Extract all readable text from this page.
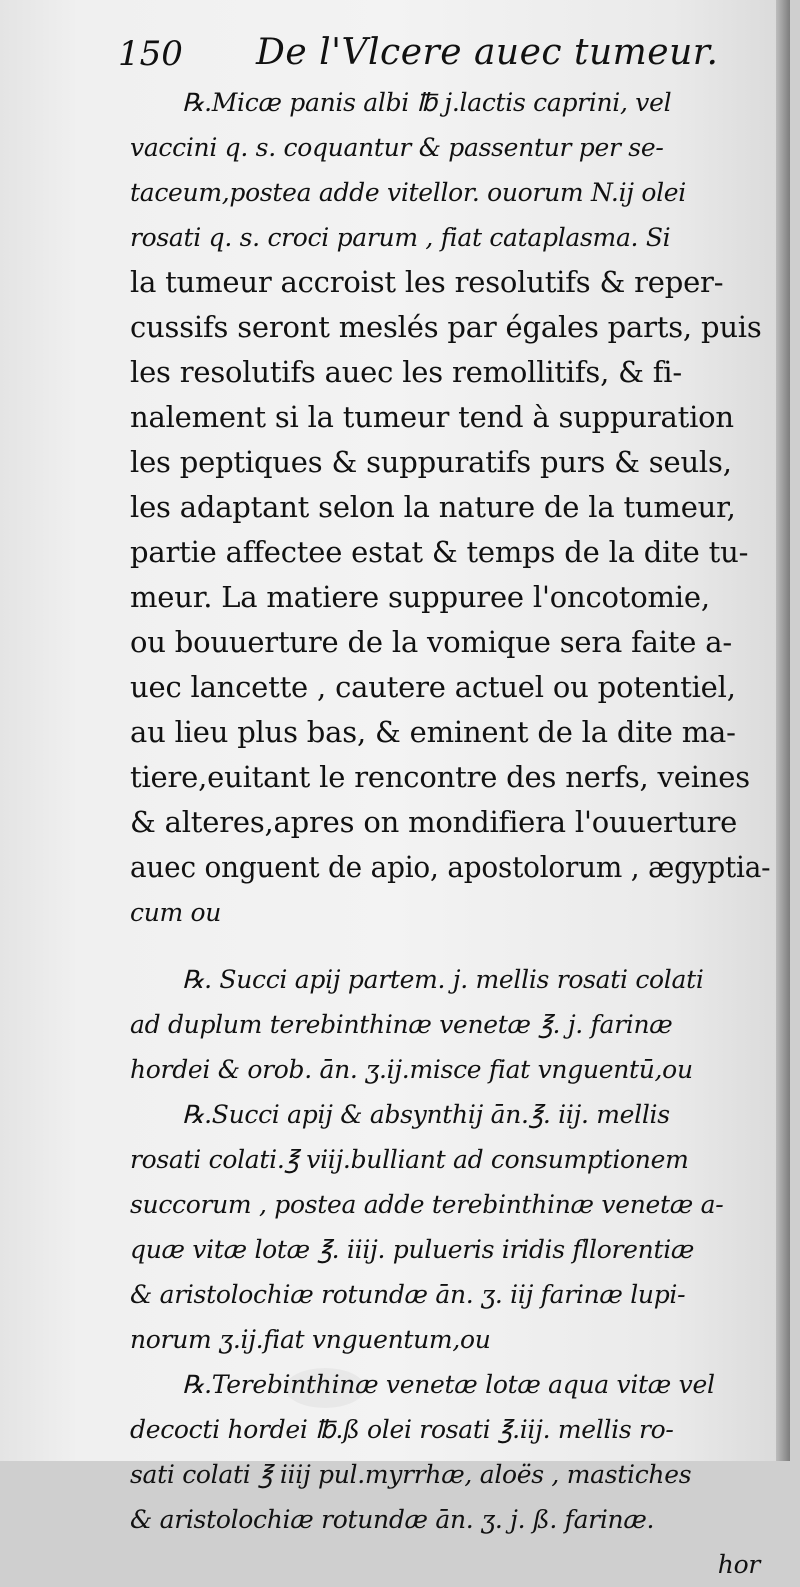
150 De l'Vlcere auec tumeur.
℞.Micæ panis albi ℔ j.lactis caprini, vel
vaccini q. s. coquantur & passentur per se-
taceum,postea adde vitellor. ouorum N.ij olei
rosati q. s. croci parum , fiat cataplasma. Si
la tumeur accroist les resolutifs & reper-
cussifs seront meslés par égales parts, puis
les resolutifs auec les remollitifs, & fi-
nalement si la tumeur tend à suppuration
les peptiques & suppuratifs purs & seuls,
les adaptant selon la nature de la tumeur,
partie affectee estat & temps de la dite tu-
meur. La matiere suppuree l'oncotomie,
ou bouuerture de la vomique sera faite a-
uec lancette , cautere actuel ou potentiel,
au lieu plus bas, & eminent de la dite ma-
tiere,euitant le rencontre des nerfs, veines
& alteres,apres on mondifiera l'ouuerture
auec onguent de apio, apostolorum , ægyptia-
cum ou
℞. Succi apij partem. j. mellis rosati colati
ad duplum terebinthinæ venetæ ℥. j. farinæ
hordei & orob. ān. ʒ.ij.misce fiat vnguentū,ou
℞.Succi apij & absynthij ān.℥. iij. mellis
rosati colati.℥ viij.bulliant ad consumptionem
succorum , postea adde terebinthinæ venetæ a-
quæ vitæ lotæ ℥. iiij. pulueris iridis fllorentiæ
& aristolochiæ rotundæ ān. ʒ. iij farinæ lupi-
norum ʒ.ij.fiat vnguentum,ou
℞.Terebinthinæ venetæ lotæ aqua vitæ vel
decocti hordei ℔.ß olei rosati ℥.iij. mellis ro-
sati colati ℥ iiij pul.myrrhæ, aloës , mastiches
& aristolochiæ rotundæ ān. ʒ. j. ß. farinæ.
hor
